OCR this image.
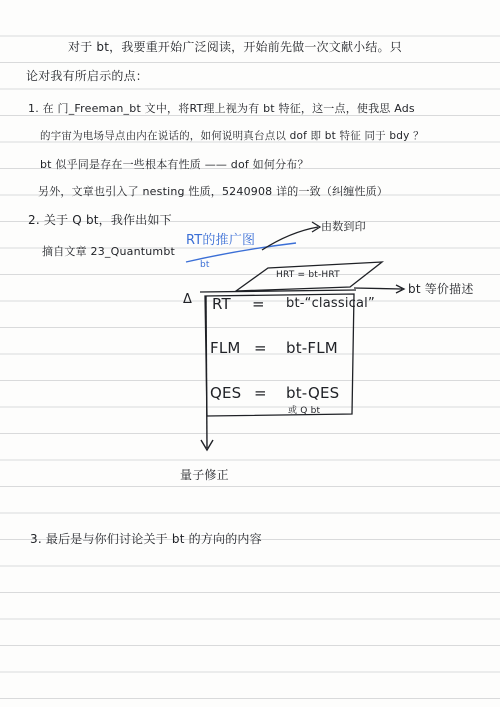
对于 bt，我要重开始广泛阅读，开始前先做一次文献小结。只
论对我有所启示的点：
1. 在 门_Freeman_bt 文中，将RT理上视为有 bt 特征，这一点，使我思 Ads
的宇宙为电场导点由内在说话的，如何说明真台点以 dof 即 bt 特征 同于 bdy ？
bt 似乎同是存在一些根本有性质 —— dof 如何分布？
另外，文章也引入了 nesting 性质，5240908 详的一致（纠缠性质）
2. 关于 Q bt，我作出如下
摘自文章 23_Quantumbt
RT的推广图
bt
由数到印
HRT = bt-HRT
bt 等价描述
Δ RT = bt-“classical”
FLM = bt-FLM
QES = bt-QES
或 Q bt
量子修正
3. 最后是与你们讨论关于 bt 的方向的内容
